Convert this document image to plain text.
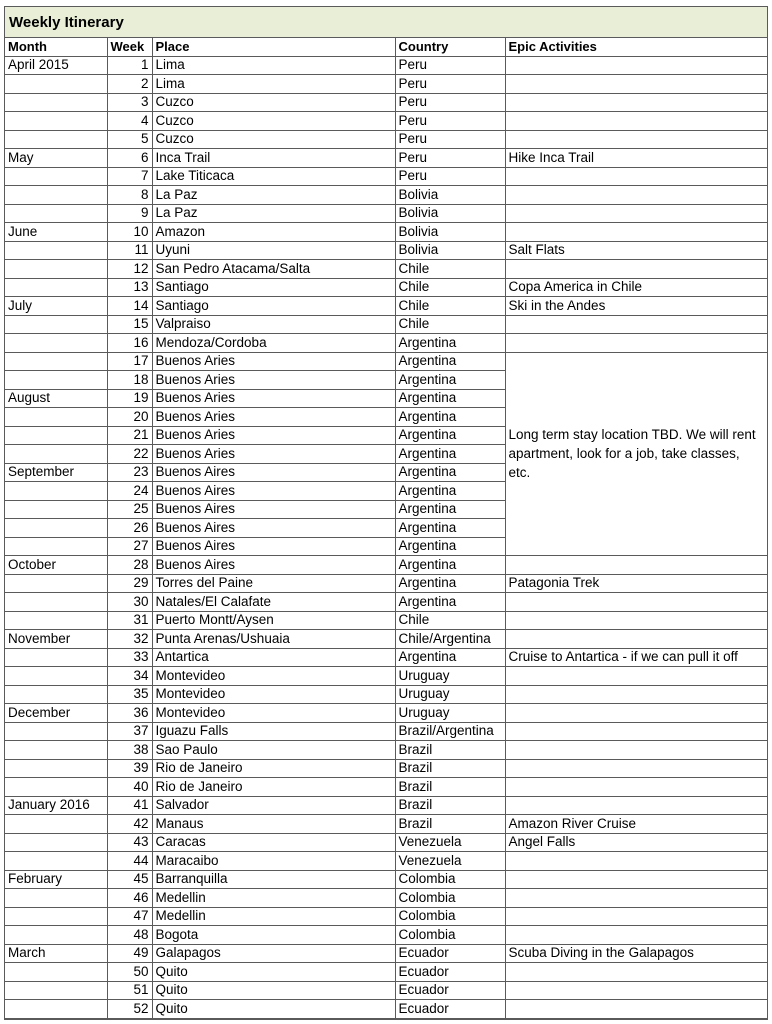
Weekly Itinerary
Month	Week	Place	Country	Epic Activities
April 2015	1	Lima	Peru	
	2	Lima	Peru	
	3	Cuzco	Peru	
	4	Cuzco	Peru	
	5	Cuzco	Peru	
May	6	Inca Trail	Peru	Hike Inca Trail
	7	Lake Titicaca	Peru	
	8	La Paz	Bolivia	
	9	La Paz	Bolivia	
June	10	Amazon	Bolivia	
	11	Uyuni	Bolivia	Salt Flats
	12	San Pedro Atacama/Salta	Chile	
	13	Santiago	Chile	Copa America in Chile
July	14	Santiago	Chile	Ski in the Andes
	15	Valpraiso	Chile	
	16	Mendoza/Cordoba	Argentina	
	17	Buenos Aries	Argentina	Long term stay location TBD. We will rent apartment, look for a job, take classes, etc.
	18	Buenos Aries	Argentina	
August	19	Buenos Aries	Argentina	
	20	Buenos Aries	Argentina	
	21	Buenos Aries	Argentina	
	22	Buenos Aries	Argentina	
September	23	Buenos Aires	Argentina	
	24	Buenos Aires	Argentina	
	25	Buenos Aires	Argentina	
	26	Buenos Aires	Argentina	
	27	Buenos Aires	Argentina	
October	28	Buenos Aires	Argentina	
	29	Torres del Paine	Argentina	Patagonia Trek
	30	Natales/El Calafate	Argentina	
	31	Puerto Montt/Aysen	Chile	
November	32	Punta Arenas/Ushuaia	Chile/Argentina	
	33	Antartica	Argentina	Cruise to Antartica - if we can pull it off
	34	Montevideo	Uruguay	
	35	Montevideo	Uruguay	
December	36	Montevideo	Uruguay	
	37	Iguazu Falls	Brazil/Argentina	
	38	Sao Paulo	Brazil	
	39	Rio de Janeiro	Brazil	
	40	Rio de Janeiro	Brazil	
January 2016	41	Salvador	Brazil	
	42	Manaus	Brazil	Amazon River Cruise
	43	Caracas	Venezuela	Angel Falls
	44	Maracaibo	Venezuela	
February	45	Barranquilla	Colombia	
	46	Medellin	Colombia	
	47	Medellin	Colombia	
	48	Bogota	Colombia	
March	49	Galapagos	Ecuador	Scuba Diving in the Galapagos
	50	Quito	Ecuador	
	51	Quito	Ecuador	
	52	Quito	Ecuador	
